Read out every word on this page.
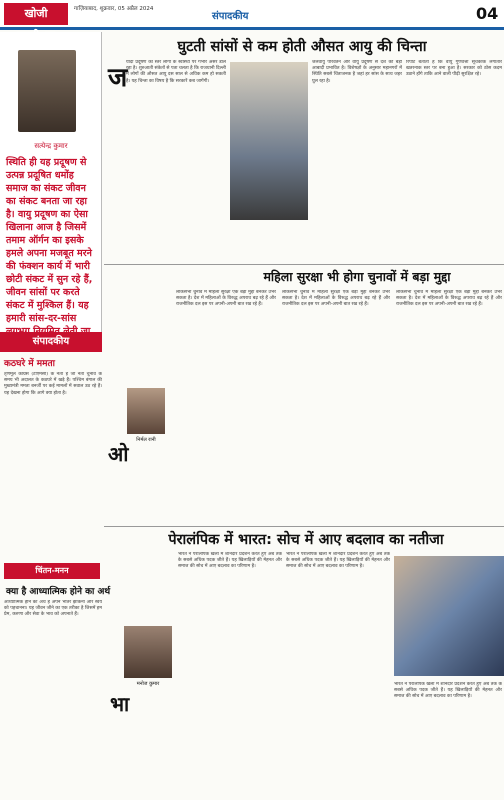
खोजी	गाज़ियाबाद, शुक्रवार, 05 अप्रैल 2024
संपादकीय	04
सत्येन्द्र कुमार
स्थिति ही यह प्रदूषण से उत्पन्न प्रदूषित धमोंह समाज का संकट जीवन का संकट बनता जा रहा है। वायु प्रदूषण का ऐसा खिलाना आज है जिसमें तमाम ऑर्गन का इसके हमले अपना मजबूत मरने की फंक्शन कार्य में भारी छोटी संकट में सुन रहे हैं, जीवन सांसों पर करते संकट में मुश्किल हैं। यह हमारी सांस-दर-सांस
घुटती सांसों से कम होती औसत आयु की चिन्ता
ज
यादा प्रदूषण का स्तर लोगों के स्वास्थ्य पर गंभीर असर डाल रहा है। शुरुआती संकेतों से पता चलता है कि राजधानी दिल्ली में लोगों की औसत आयु दस साल से अधिक कम हो सकती है। यह चिन्ता का विषय है कि सरकारें कब जागेंगी।
जलवायु परिवर्तन और वायु प्रदूषण से देश की बड़ी आबादी प्रभावित है। विशेषज्ञों के अनुसार महानगरों में स्थिति सबसे चिंताजनक है जहां हर सांस के साथ जहर घुल रहा है।
रिपोर्ट बताती है कि वायु गुणवत्ता सूचकांक लगातार खतरनाक स्तर पर बना हुआ है। सरकार को ठोस कदम उठाने होंगे ताकि आने वाली पीढ़ी सुरक्षित रहे।
संपादकीय
कठघरे में ममता
तृणमूल कांग्रेस (टीएमसी) के नेता हैं जो नेता चुनाव के समय भी अदालत के कठघरे में खड़े हैं। पश्चिम बंगाल की मुख्यमंत्री ममता बनर्जी पर कई मामलों में सवाल उठ रहे हैं। यह देखना होगा कि आगे क्या होता है।
चिंतन-मनन
क्या है आध्यात्मिक होने का अर्थ
आध्यात्मिक होने का अर्थ है अपने भीतर झांकना और स्वयं को पहचानना। यह जीवन जीने का एक तरीका है जिसमें हम प्रेम, करुणा और सेवा के भाव को अपनाते हैं।
महिला सुरक्षा भी होगा चुनावों में बड़ा मुद्दा
निर्मल रानी
ओ
लोकसभा चुनाव में महिला सुरक्षा एक बड़ा मुद्दा बनकर उभर सकता है। देश में महिलाओं के विरुद्ध अपराध बढ़ रहे हैं और राजनीतिक दल इस पर अपनी-अपनी बात रख रहे हैं।
लोकसभा चुनाव में महिला सुरक्षा एक बड़ा मुद्दा बनकर उभर सकता है। देश में महिलाओं के विरुद्ध अपराध बढ़ रहे हैं और राजनीतिक दल इस पर अपनी-अपनी बात रख रहे हैं।
लोकसभा चुनाव में महिला सुरक्षा एक बड़ा मुद्दा बनकर उभर सकता है। देश में महिलाओं के विरुद्ध अपराध बढ़ रहे हैं और राजनीतिक दल इस पर अपनी-अपनी बात रख रहे हैं।
पेरालंपिक में भारत: सोच में आए बदलाव का नतीजा
मनोज कुमार
भा
भारत ने पेरालंपिक खेलों में शानदार प्रदर्शन करते हुए अब तक के सबसे अधिक पदक जीते हैं। यह खिलाड़ियों की मेहनत और समाज की सोच में आए बदलाव का परिणाम है।
भारत ने पेरालंपिक खेलों में शानदार प्रदर्शन करते हुए अब तक के सबसे अधिक पदक जीते हैं। यह खिलाड़ियों की मेहनत और समाज की सोच में आए बदलाव का परिणाम है।
भारत ने पेरालंपिक खेलों में शानदार प्रदर्शन करते हुए अब तक के सबसे अधिक पदक जीते हैं। यह खिलाड़ियों की मेहनत और समाज की सोच में आए बदलाव का परिणाम है।
